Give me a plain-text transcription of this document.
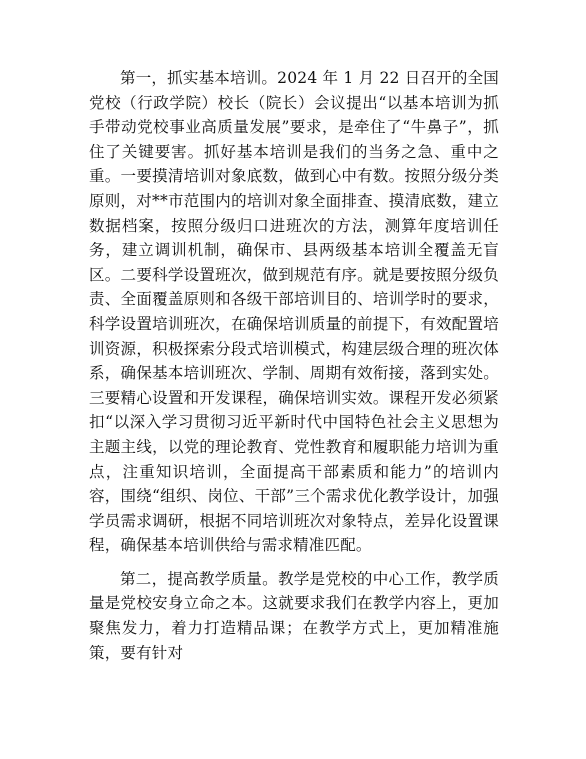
第一，抓实基本培训。2024 年 1 月 22 日召开的全国党校（行政学院）校长（院长）会议提出“以基本培训为抓手带动党校事业高质量发展”要求，是牵住了“牛鼻子”，抓住了关键要害。抓好基本培训是我们的当务之急、重中之重。一要摸清培训对象底数，做到心中有数。按照分级分类原则，对**市范围内的培训对象全面排查、摸清底数，建立数据档案，按照分级归口进班次的方法，测算年度培训任务，建立调训机制，确保市、县两级基本培训全覆盖无盲区。二要科学设置班次，做到规范有序。就是要按照分级负责、全面覆盖原则和各级干部培训目的、培训学时的要求，科学设置培训班次，在确保培训质量的前提下，有效配置培训资源，积极探索分段式培训模式，构建层级合理的班次体系，确保基本培训班次、学制、周期有效衔接，落到实处。三要精心设置和开发课程，确保培训实效。课程开发必须紧扣“以深入学习贯彻习近平新时代中国特色社会主义思想为主题主线，以党的理论教育、党性教育和履职能力培训为重点，注重知识培训，全面提高干部素质和能力”的培训内容，围绕“组织、岗位、干部”三个需求优化教学设计，加强学员需求调研，根据不同培训班次对象特点，差异化设置课程，确保基本培训供给与需求精准匹配。

第二，提高教学质量。教学是党校的中心工作，教学质量是党校安身立命之本。这就要求我们在教学内容上，更加聚焦发力，着力打造精品课；在教学方式上，更加精准施策，要有针对
